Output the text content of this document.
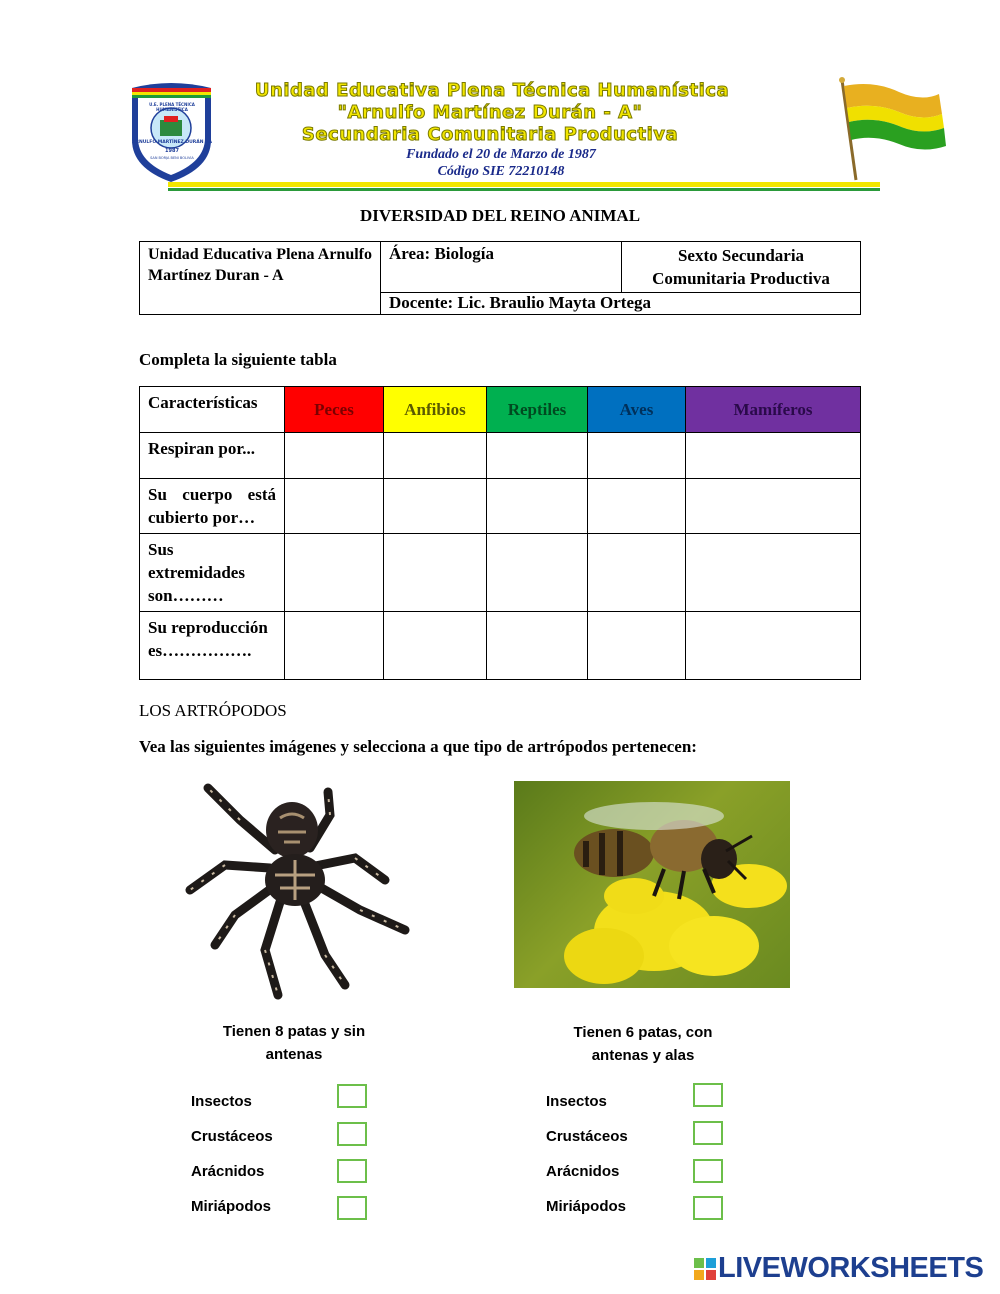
U.E. PLENA TÉCNICA HUMANÍSTICA
ARNULFO MARTÍNEZ DURÁN - A
1987
SAN BORJA BENI BOLIVIA
Unidad Educativa Plena Técnica Humanística
"Arnulfo Martínez Durán - A"
Secundaria Comunitaria Productiva
Fundado el 20 de Marzo de 1987
Código SIE 72210148
DIVERSIDAD DEL REINO ANIMAL
Unidad Educativa Plena Arnulfo Martínez Duran - A	Área: Biología	Sexto Secundaria
Comunitaria Productiva

Docente: Lic. Braulio Mayta Ortega
Completa la siguiente tabla
Características	Peces	Anfibios	Reptiles	Aves	Mamíferos
Respiran por...					
Su cuerpo está cubierto por…					
Sus extremidades son………					
Su reproducción es…………….					
LOS ARTRÓPODOS
Vea las siguientes imágenes y selecciona a que tipo de artrópodos pertenecen:
Tienen 8 patas y sin
antenas
Tienen 6 patas, con
antenas y alas
Insectos
Crustáceos
Arácnidos
Miriápodos
Insectos
Crustáceos
Arácnidos
Miriápodos
LIVEWORKSHEETS
